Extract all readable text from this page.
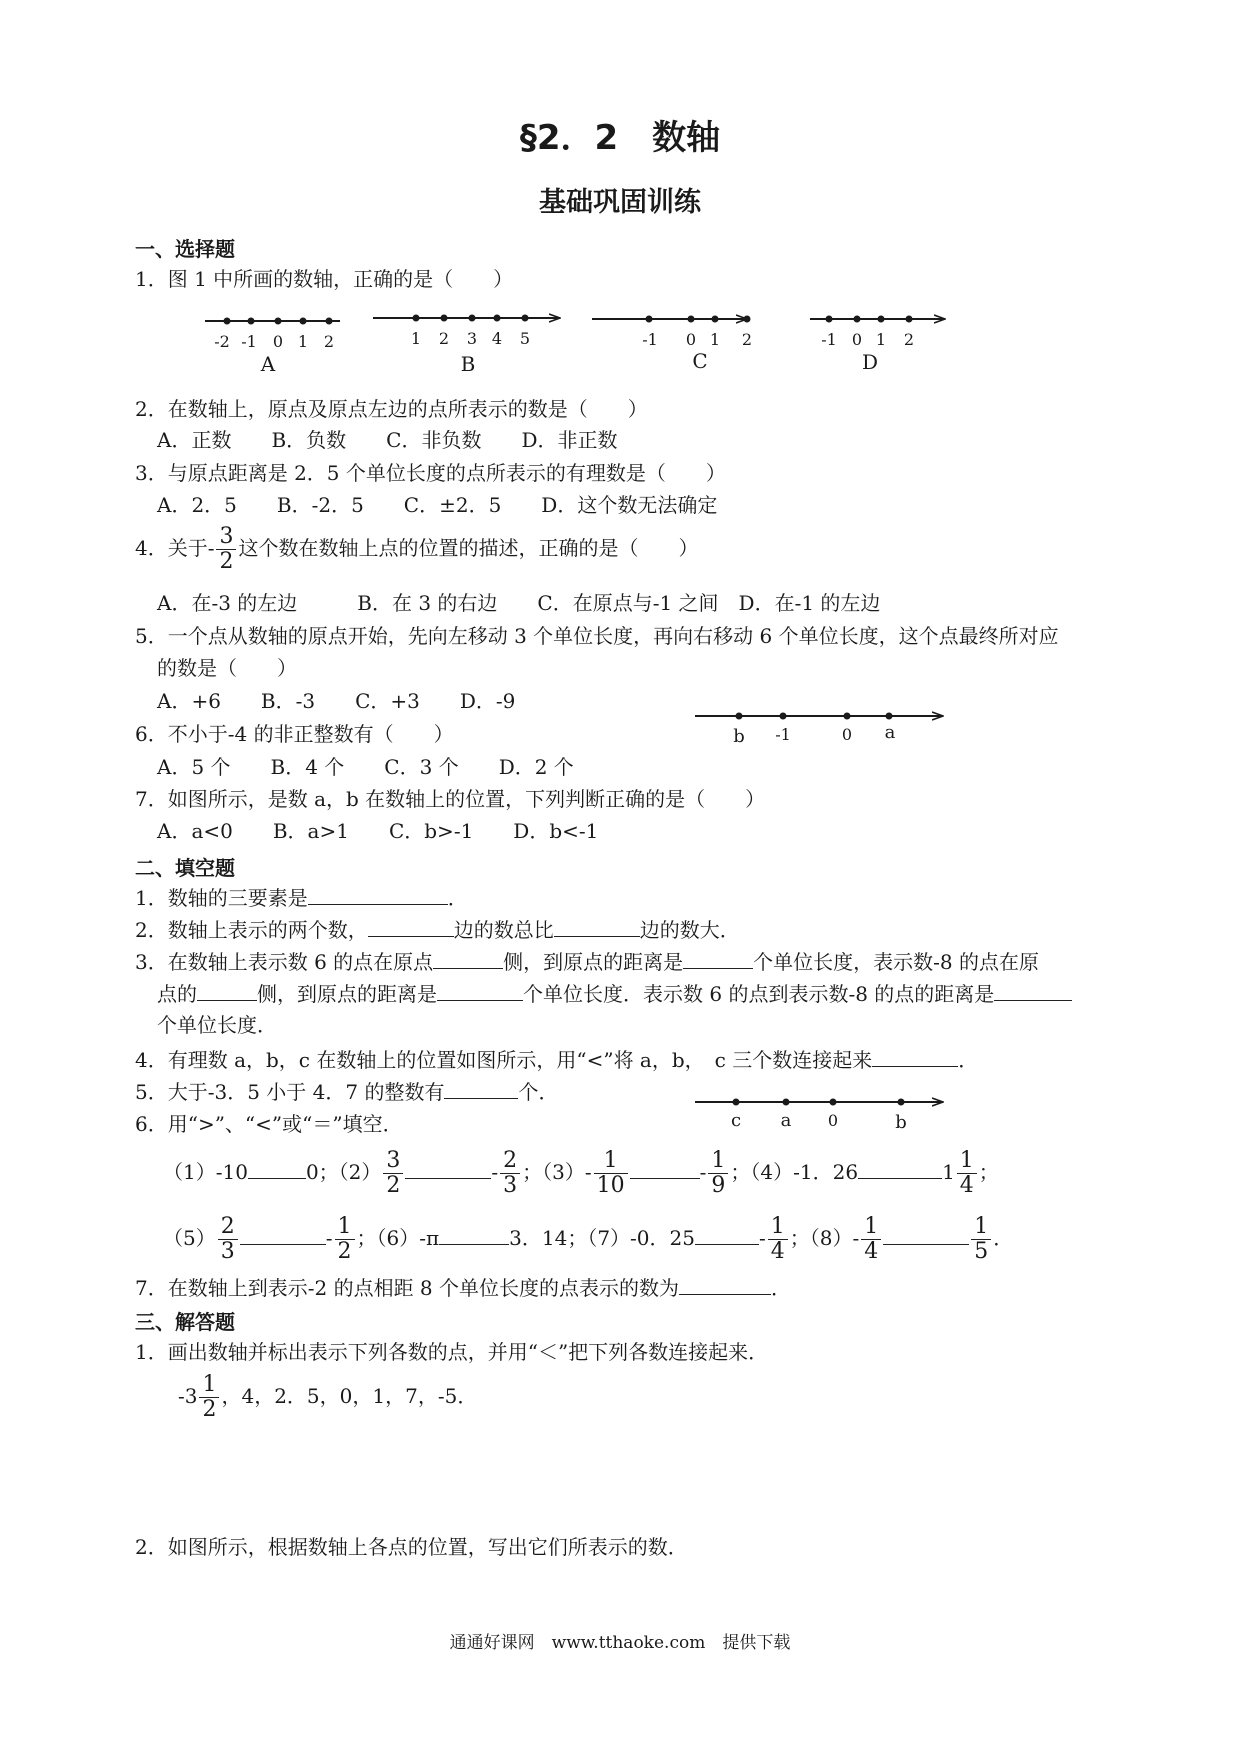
§2．2　数轴
基础巩固训练
一、选择题
1．图 1 中所画的数轴，正确的是（　　）
-2 -1 0 1 2
A
1 2 3 4 5
B
-1 0 1 2
C
-1 0 1 2
D
2．在数轴上，原点及原点左边的点所表示的数是（　　）
A．正数　　B．负数　　C．非负数　　D．非正数
3．与原点距离是 2．5 个单位长度的点所表示的有理数是（　　）
A．2．5　　B．-2．5　　C．±2．5　　D．这个数无法确定
4．关于- $\frac{3}{2}$ 这个数在数轴上点的位置的描述，正确的是（　　）
A．在-3 的左边　　　B．在 3 的右边　　C．在原点与-1 之间　D．在-1 的左边
5．一个点从数轴的原点开始，先向左移动 3 个单位长度，再向右移动 6 个单位长度，这个点最终所对应
的数是（　　）
A．+6　　B．-3　　C．+3　　D．-9
b -1	0 a
6．不小于-4 的非正整数有（　　）
A．5 个　　B．4 个　　C．3 个　　D．2 个
7．如图所示，是数 a，b 在数轴上的位置，下列判断正确的是（　　）
A．a<0　　B．a>1　　C．b>-1　　D．b<-1
二、填空题
1．数轴的三要素是	．
2．数轴上表示的两个数，	边的数总比	边的数大．
3．在数轴上表示数 6 的点在原点	侧，到原点的距离是	个单位长度，表示数-8 的点在原
点的	侧，到原点的距离是	个单位长度．表示数 6 的点到表示数-8 的点的距离是
个单位长度．
4．有理数 a，b，c 在数轴上的位置如图所示，用“<”将 a，b，　c 三个数连接起来	．
5．大于-3．5 小于 4．7 的整数有	个．
c a 0	b
6．用“>”、“<”或“＝”填空．
（1）-10	0；$(2) \frac{3}{2}$	- $\frac{2}{3}$ ；$(3)- \frac{1}{10}$	- $\frac{1}{9}$ ；（4）-1．26	$1 \frac{1}{4}$ ；
$(5) \frac{2}{3}$	- $\frac{1}{2}$ ；（6）-π	3．14；（7）-0．25	- $\frac{1}{4}$ ；$(8)- \frac{1}{4}$	$\frac{1}{5}$ ．
7．在数轴上到表示-2 的点相距 8 个单位长度的点表示的数为	．
三、解答题
1．画出数轴并标出表示下列各数的点，并用“＜”把下列各数连接起来．
$-3 \frac{1}{2}$ ，4，2．5，0，1，7，-5．
2．如图所示，根据数轴上各点的位置，写出它们所表示的数．
通通好课网　www.tthaoke.com　提供下载
